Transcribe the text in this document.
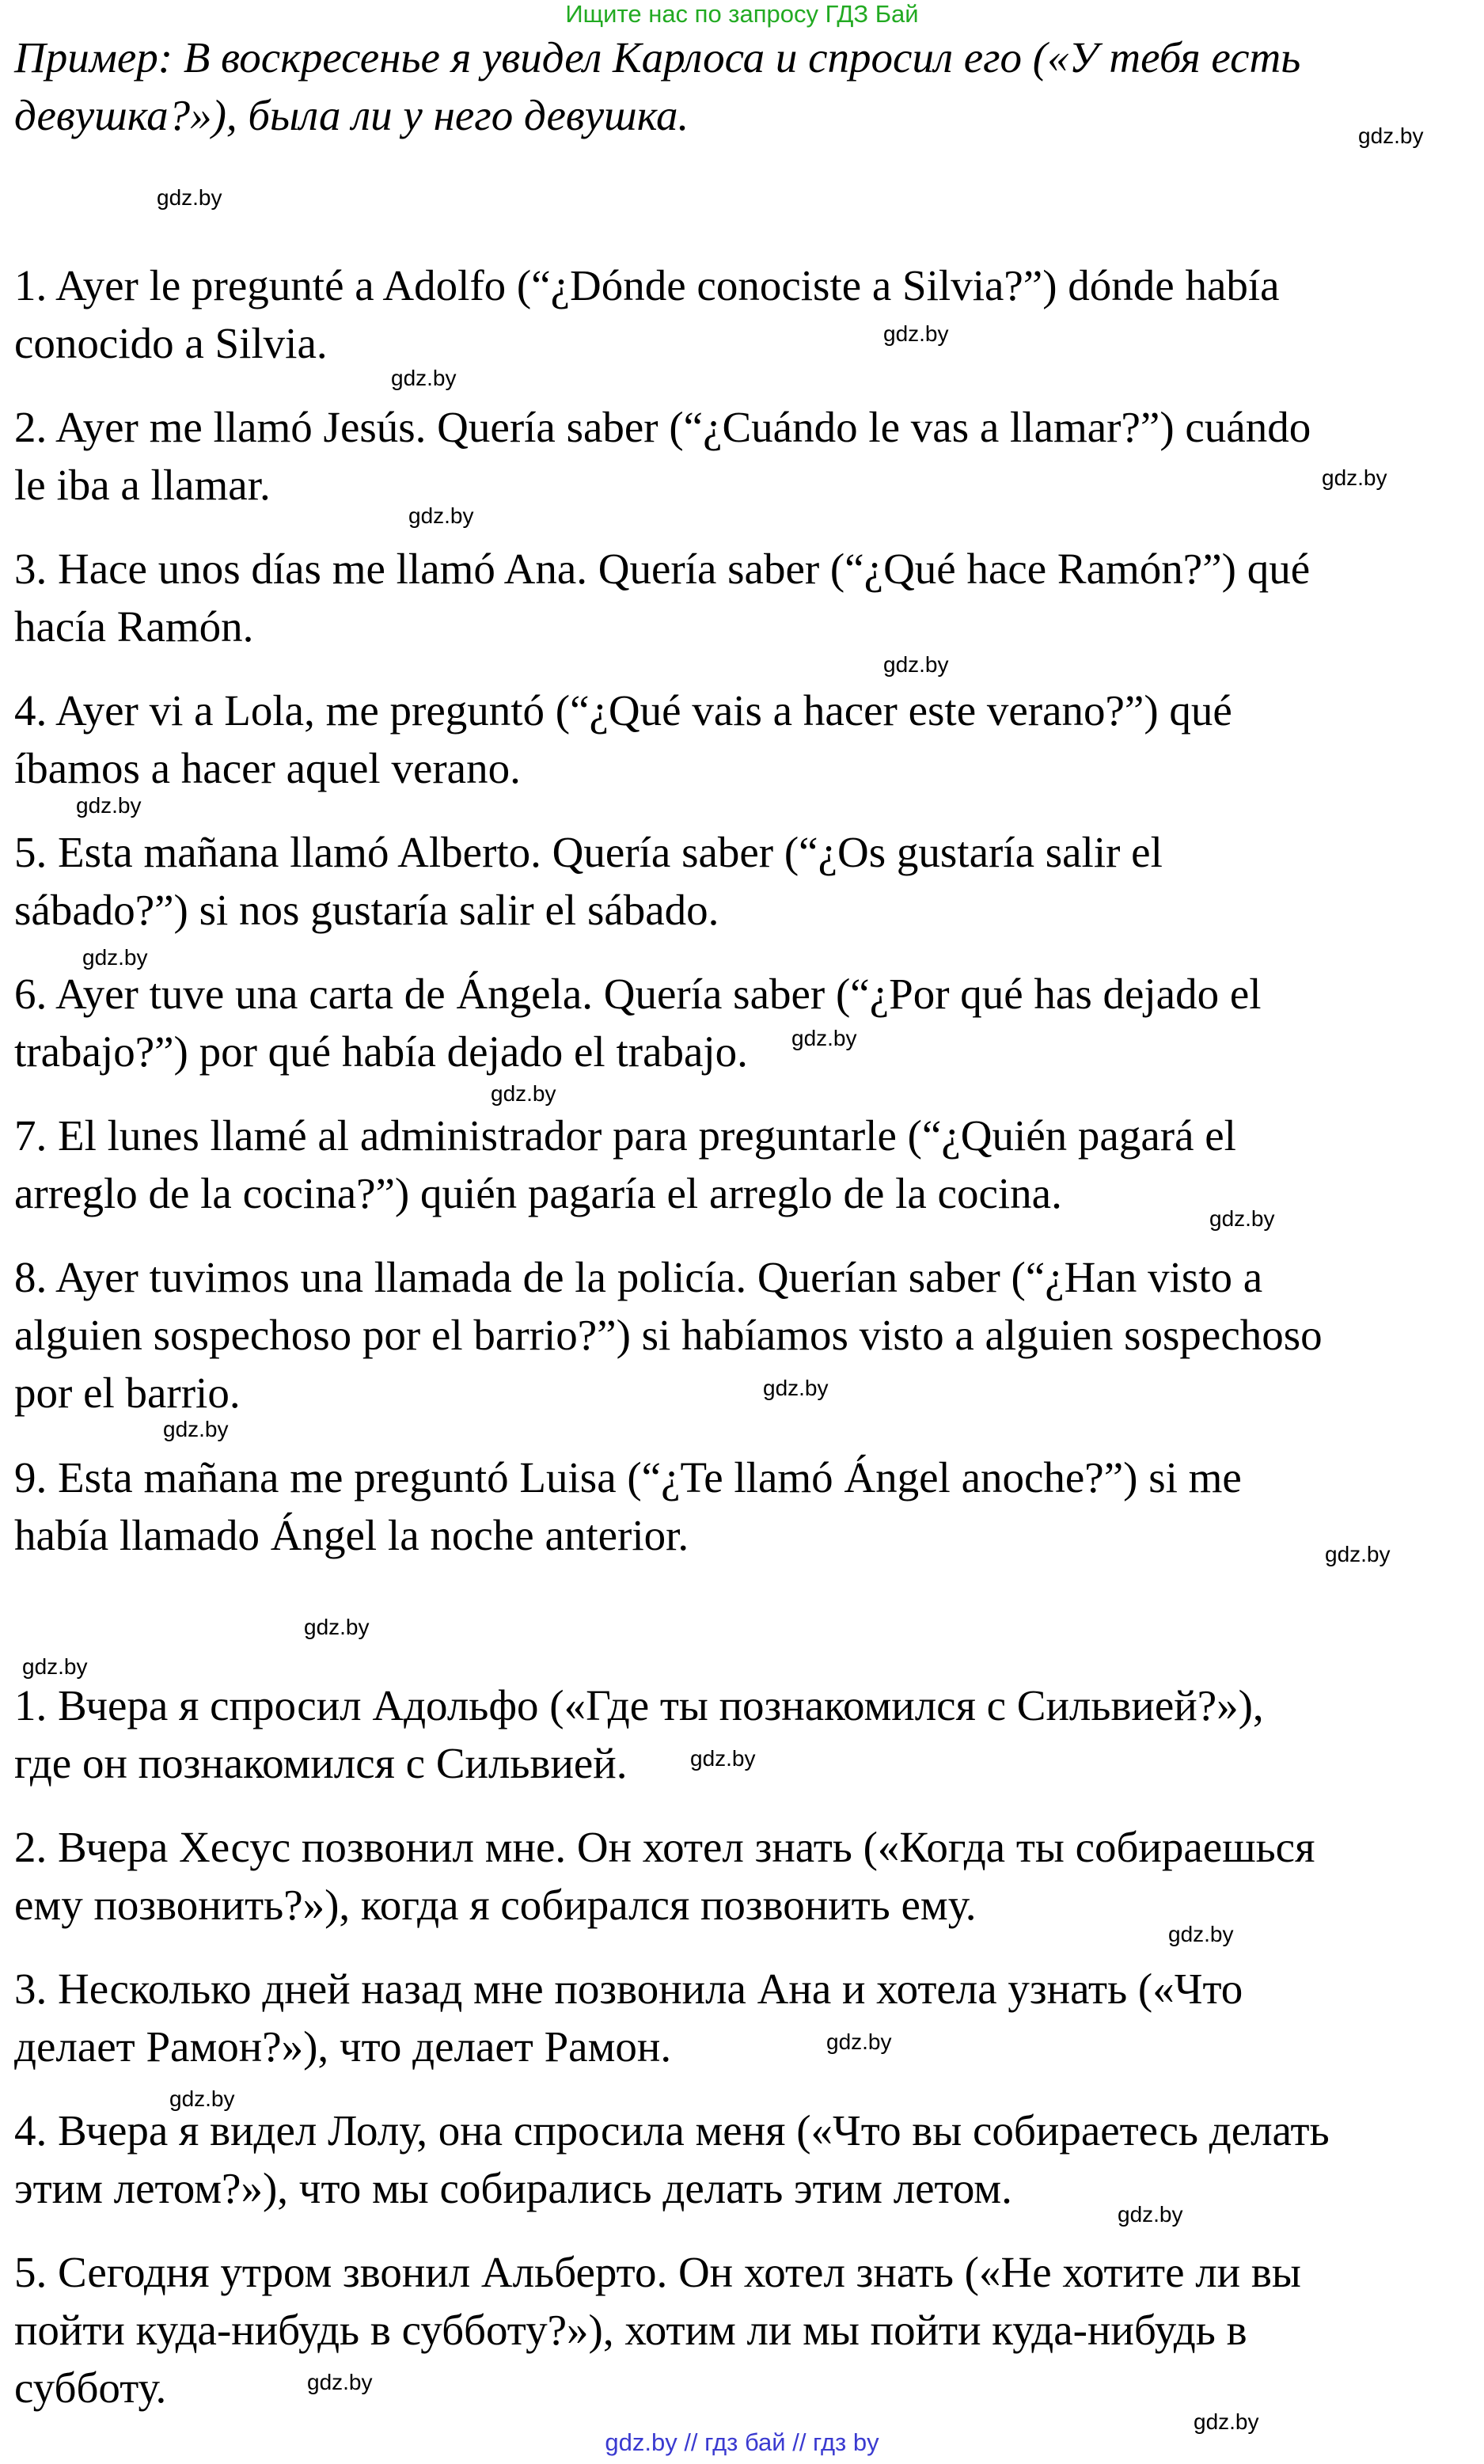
Ищите нас по запросу ГДЗ Бай

Пример: В воскресенье я увидел Карлоса и спросил его («У тебя есть
девушка?»), была ли у него девушка.

1. Ayer le pregunté a Adolfo (“¿Dónde conociste a Silvia?”) dónde había
conocido a Silvia.

2. Ayer me llamó Jesús. Quería saber (“¿Cuándo le vas a llamar?”) cuándo
le iba a llamar.

3. Hace unos días me llamó Ana. Quería saber (“¿Qué hace Ramón?”) qué
hacía Ramón.

4. Ayer vi a Lola, me preguntó (“¿Qué vais a hacer este verano?”) qué
íbamos a hacer aquel verano.

5. Esta mañana llamó Alberto. Quería saber (“¿Os gustaría salir el
sábado?”) si nos gustaría salir el sábado.

6. Ayer tuve una carta de Ángela. Quería saber (“¿Por qué has dejado el
trabajo?”) por qué había dejado el trabajo.

7. El lunes llamé al administrador para preguntarle (“¿Quién pagará el
arreglo de la cocina?”) quién pagaría el arreglo de la cocina.

8. Ayer tuvimos una llamada de la policía. Querían saber (“¿Han visto a
alguien sospechoso por el barrio?”) si habíamos visto a alguien sospechoso
por el barrio.

9. Esta mañana me preguntó Luisa (“¿Te llamó Ángel anoche?”) si me
había llamado Ángel la noche anterior.

1. Вчера я спросил Адольфо («Где ты познакомился с Сильвией?»),
где он познакомился с Сильвией.

2. Вчера Хесус позвонил мне. Он хотел знать («Когда ты собираешься
ему позвонить?»), когда я собирался позвонить ему.

3. Несколько дней назад мне позвонила Ана и хотела узнать («Что
делает Рамон?»), что делает Рамон.

4. Вчера я видел Лолу, она спросила меня («Что вы собираетесь делать
этим летом?»), что мы собирались делать этим летом.

5. Сегодня утром звонил Альберто. Он хотел знать («Не хотите ли вы
пойти куда-нибудь в субботу?»), хотим ли мы пойти куда-нибудь в
субботу.

gdz.by
gdz.by
gdz.by
gdz.by
gdz.by
gdz.by
gdz.by
gdz.by
gdz.by
gdz.by
gdz.by
gdz.by
gdz.by
gdz.by
gdz.by
gdz.by
gdz.by
gdz.by
gdz.by
gdz.by
gdz.by
gdz.by
gdz.by
gdz.by
gdz.by // гдз бай // гдз by
